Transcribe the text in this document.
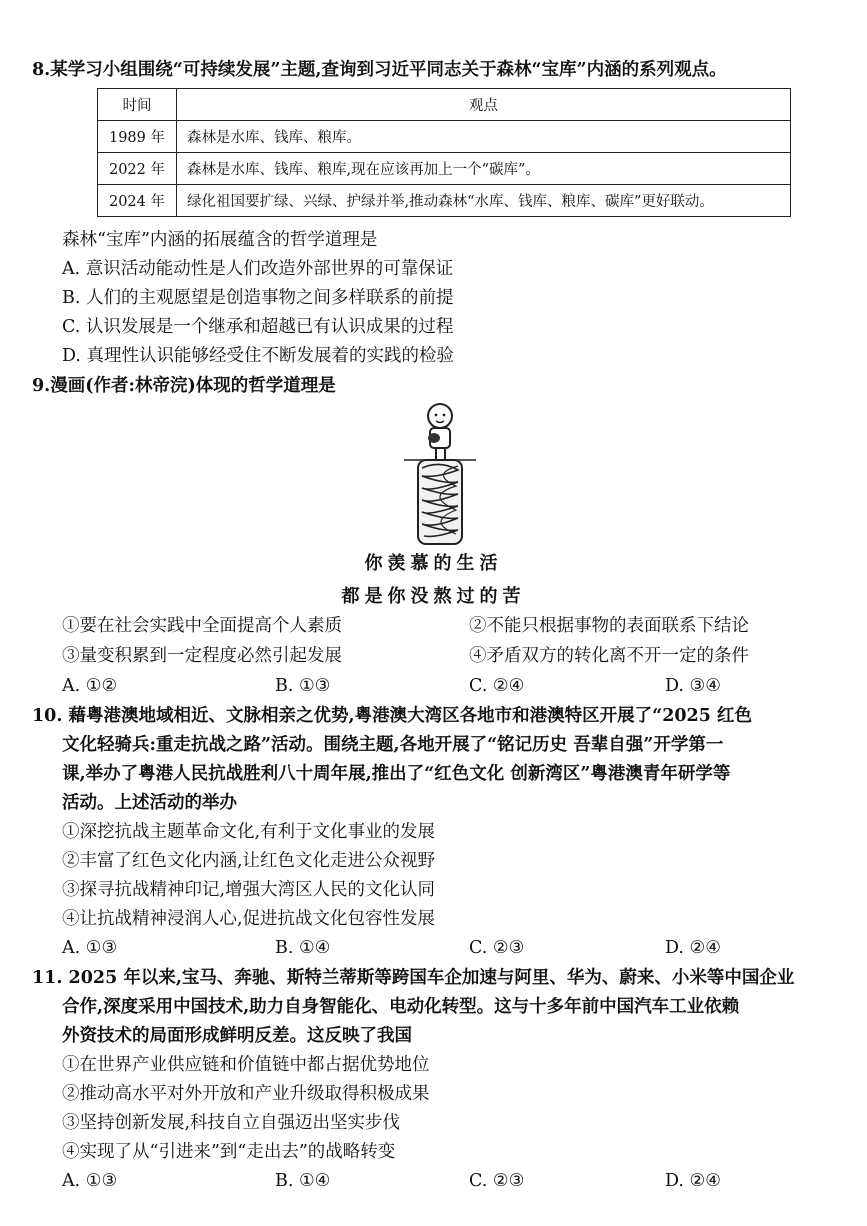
8.某学习小组围绕“可持续发展”主题,查询到习近平同志关于森林“宝库”内涵的系列观点。
时间	观点
1989 年	森林是水库、钱库、粮库。
2022 年	森林是水库、钱库、粮库,现在应该再加上一个“碳库”。
2024 年	绿化祖国要扩绿、兴绿、护绿并举,推动森林“水库、钱库、粮库、碳库”更好联动。
森林“宝库”内涵的拓展蕴含的哲学道理是
A. 意识活动能动性是人们改造外部世界的可靠保证
B. 人们的主观愿望是创造事物之间多样联系的前提
C. 认识发展是一个继承和超越已有认识成果的过程
D. 真理性认识能够经受住不断发展着的实践的检验
9.漫画(作者:林帝浣)体现的哲学道理是
你羡慕的生活
都是你没熬过的苦
①要在社会实践中全面提高个人素质	②不能只根据事物的表面联系下结论
③量变积累到一定程度必然引起发展	④矛盾双方的转化离不开一定的条件
A. ①②	B. ①③	C. ②④	D. ③④
10. 藉粤港澳地域相近、文脉相亲之优势,粤港澳大湾区各地市和港澳特区开展了“2025 红色
文化轻骑兵:重走抗战之路”活动。围绕主题,各地开展了“铭记历史 吾辈自强”开学第一
课,举办了粤港人民抗战胜利八十周年展,推出了“红色文化 创新湾区”粤港澳青年研学等
活动。上述活动的举办
①深挖抗战主题革命文化,有利于文化事业的发展
②丰富了红色文化内涵,让红色文化走进公众视野
③探寻抗战精神印记,增强大湾区人民的文化认同
④让抗战精神浸润人心,促进抗战文化包容性发展
A. ①③	B. ①④	C. ②③	D. ②④
11. 2025 年以来,宝马、奔驰、斯特兰蒂斯等跨国车企加速与阿里、华为、蔚来、小米等中国企业
合作,深度采用中国技术,助力自身智能化、电动化转型。这与十多年前中国汽车工业依赖
外资技术的局面形成鲜明反差。这反映了我国
①在世界产业供应链和价值链中都占据优势地位
②推动高水平对外开放和产业升级取得积极成果
③坚持创新发展,科技自立自强迈出坚实步伐
④实现了从“引进来”到“走出去”的战略转变
A. ①③	B. ①④	C. ②③	D. ②④
